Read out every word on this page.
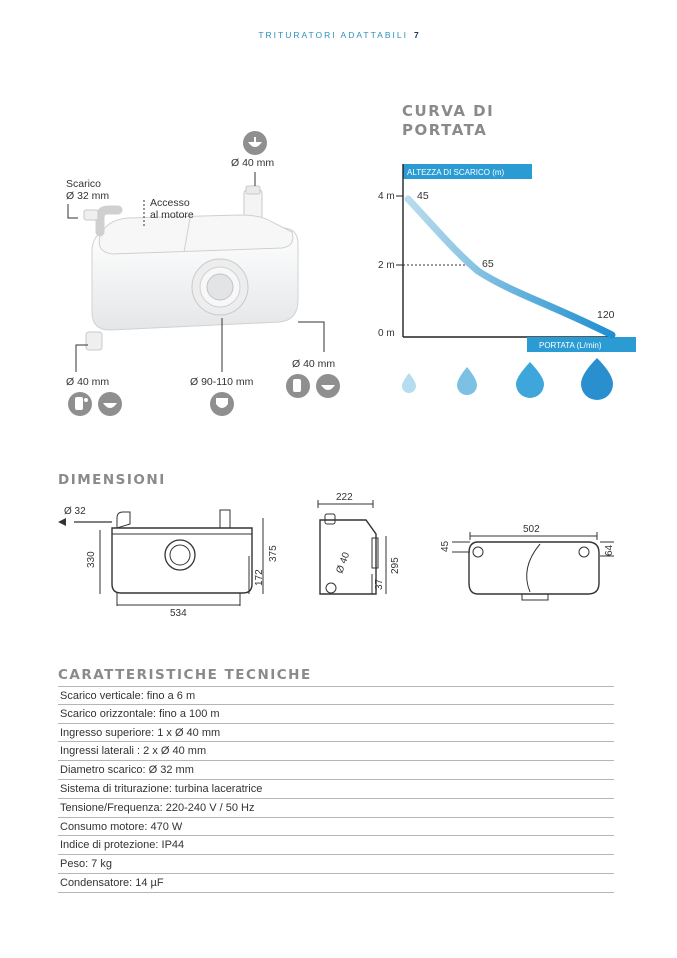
TRITURATORI ADATTABILI 7
Scarico
Ø 32 mm
Accesso
al motore
Ø 40 mm
Ø 40 mm
Ø 40 mm	Ø 90-110 mm
CURVA DI
PORTATA
ALTEZZA DI SCARICO (m)
PORTATA (L/min)
4 m
2 m
0 m
45
65
120
DIMENSIONI
Ø 32
330	375
172
534
222
Ø 40	295
37
502
45	64
CARATTERISTICHE TECNICHE
Scarico verticale: fino a 6 m
Scarico orizzontale: fino a 100 m
Ingresso superiore: 1 x Ø 40 mm
Ingressi laterali : 2 x Ø 40 mm
Diametro scarico: Ø 32 mm
Sistema di triturazione: turbina laceratrice
Tensione/Frequenza: 220-240 V / 50 Hz
Consumo motore: 470 W
Indice di protezione: IP44
Peso: 7 kg
Condensatore: 14 µF
